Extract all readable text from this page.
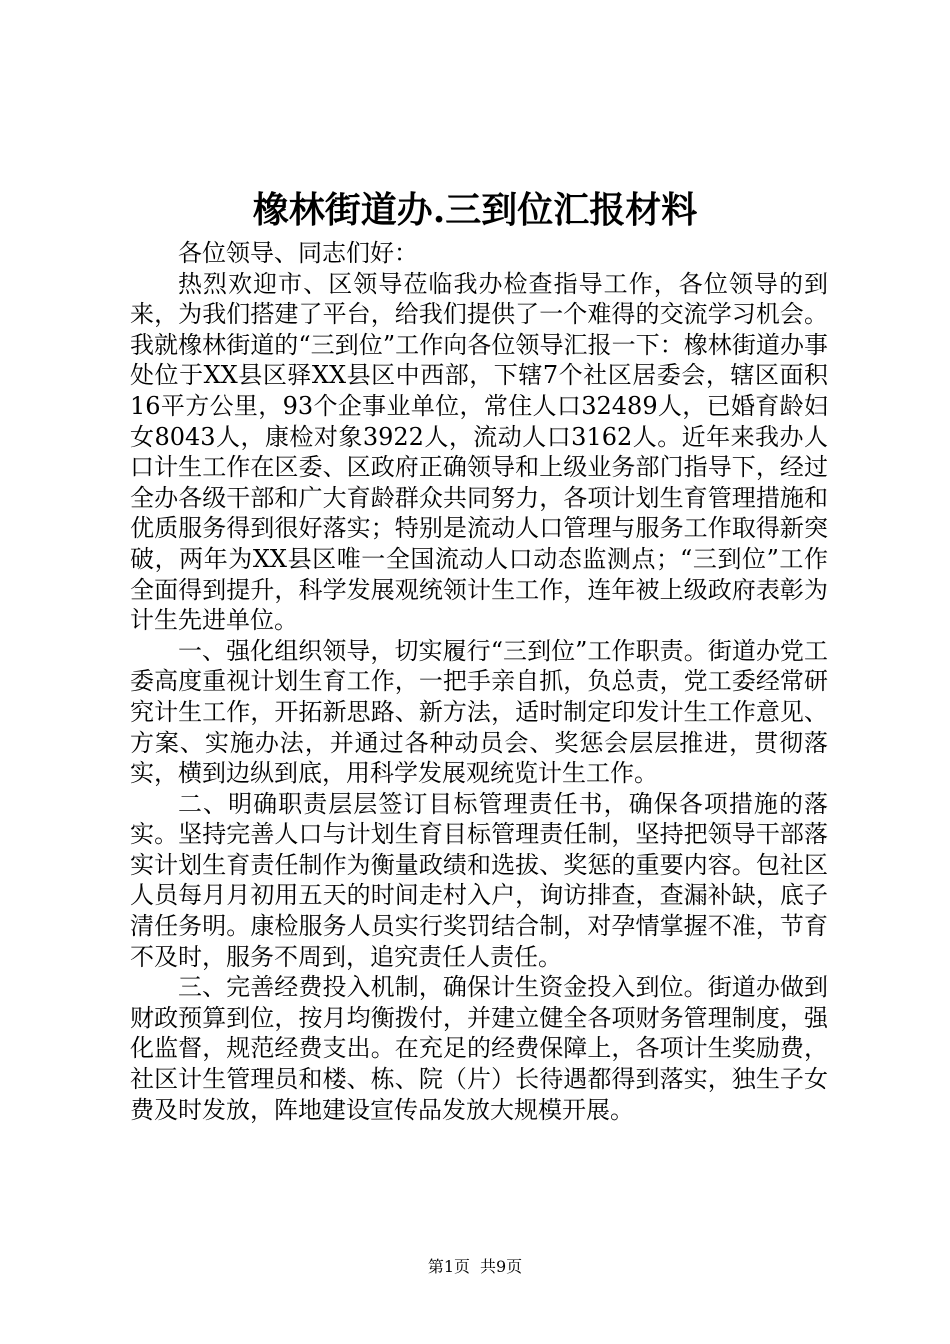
橡林街道办.三到位汇报材料

各位领导、同志们好：

热烈欢迎市、区领导莅临我办检查指导工作，各位领导的到来，为我们搭建了平台，给我们提供了一个难得的交流学习机会。我就橡林街道的“三到位”工作向各位领导汇报一下：橡林街道办事处位于XX县区驿XX县区中西部，下辖7个社区居委会，辖区面积16平方公里，93个企事业单位，常住人口32489人，已婚育龄妇女8043人，康检对象3922人，流动人口3162人。近年来我办人口计生工作在区委、区政府正确领导和上级业务部门指导下，经过全办各级干部和广大育龄群众共同努力，各项计划生育管理措施和优质服务得到很好落实；特别是流动人口管理与服务工作取得新突破，两年为XX县区唯一全国流动人口动态监测点；“三到位”工作全面得到提升，科学发展观统领计生工作，连年被上级政府表彰为计生先进单位。

一、强化组织领导，切实履行“三到位”工作职责。街道办党工委高度重视计划生育工作，一把手亲自抓，负总责，党工委经常研究计生工作，开拓新思路、新方法，适时制定印发计生工作意见、方案、实施办法，并通过各种动员会、奖惩会层层推进，贯彻落实，横到边纵到底，用科学发展观统览计生工作。

二、明确职责层层签订目标管理责任书，确保各项措施的落实。坚持完善人口与计划生育目标管理责任制，坚持把领导干部落实计划生育责任制作为衡量政绩和选拔、奖惩的重要内容。包社区人员每月月初用五天的时间走村入户，询访排查，查漏补缺，底子清任务明。康检服务人员实行奖罚结合制，对孕情掌握不准，节育不及时，服务不周到，追究责任人责任。

三、完善经费投入机制，确保计生资金投入到位。街道办做到财政预算到位，按月均衡拨付，并建立健全各项财务管理制度，强化监督，规范经费支出。在充足的经费保障上，各项计生奖励费，社区计生管理员和楼、栋、院（片）长待遇都得到落实，独生子女费及时发放，阵地建设宣传品发放大规模开展。

第1页 共9页
